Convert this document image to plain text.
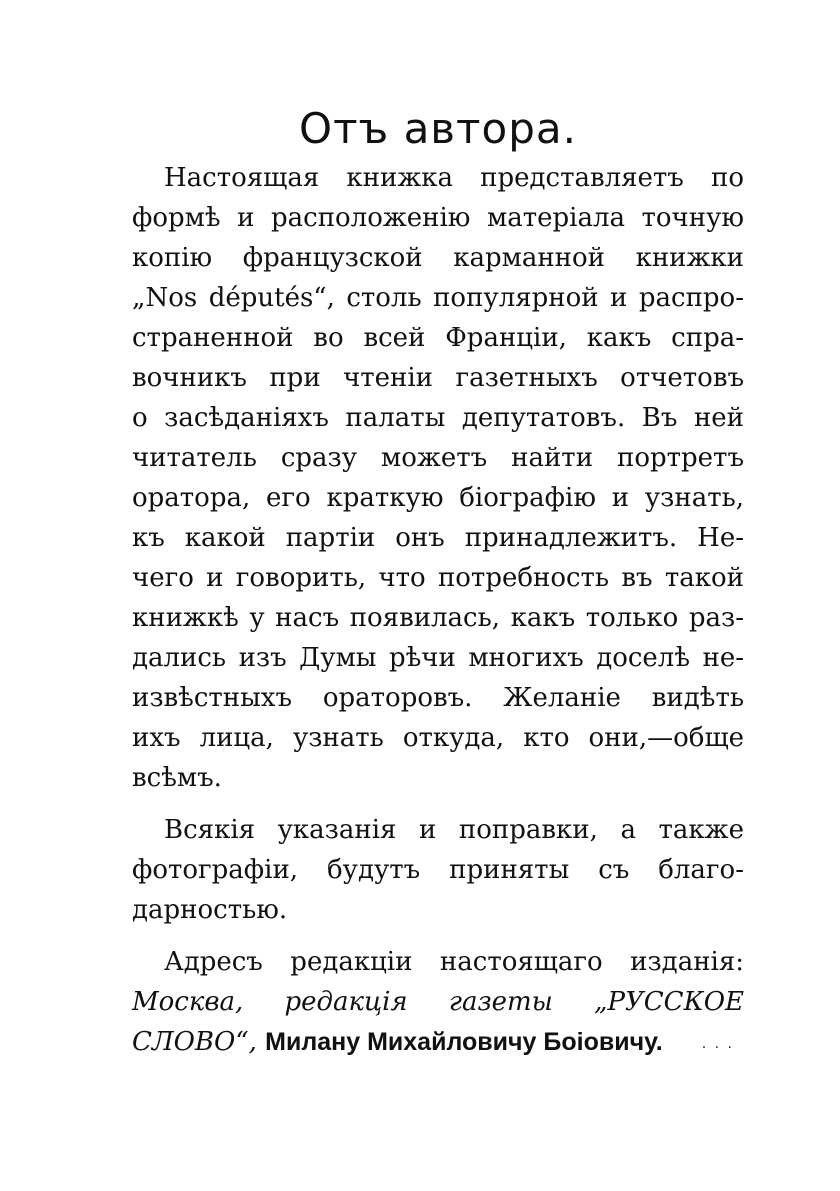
Отъ автора.

Настоящая книжка представляетъ по
формѣ и расположенiю матерiала точную
копiю французской карманной книжки
„Nos députés“, столь популярной и распро-
страненной во всей Францiи, какъ спра-
вочникъ при чтенiи газетныхъ отчетовъ
о засѣданiяхъ палаты депутатовъ. Въ ней
читатель сразу можетъ найти портретъ
оратора, его краткую бiографiю и узнать,
къ какой партiи онъ принадлежитъ. Не-
чего и говорить, что потребность въ такой
книжкѣ у насъ появилась, какъ только раз-
дались изъ Думы рѣчи многихъ доселѣ не-
извѣстныхъ ораторовъ. Желанiе видѣть
ихъ лица, узнать откуда, кто они,—обще
всѣмъ.

Всякiя указанiя и поправки, а также
фотографiи, будутъ приняты съ благо-
дарностью.

Адресъ редакцiи настоящаго изданiя:
Москва, редакцiя газеты „РУССКОЕ
СЛОВО“, Милану Михайловичу Боiовичу.	· · ·
